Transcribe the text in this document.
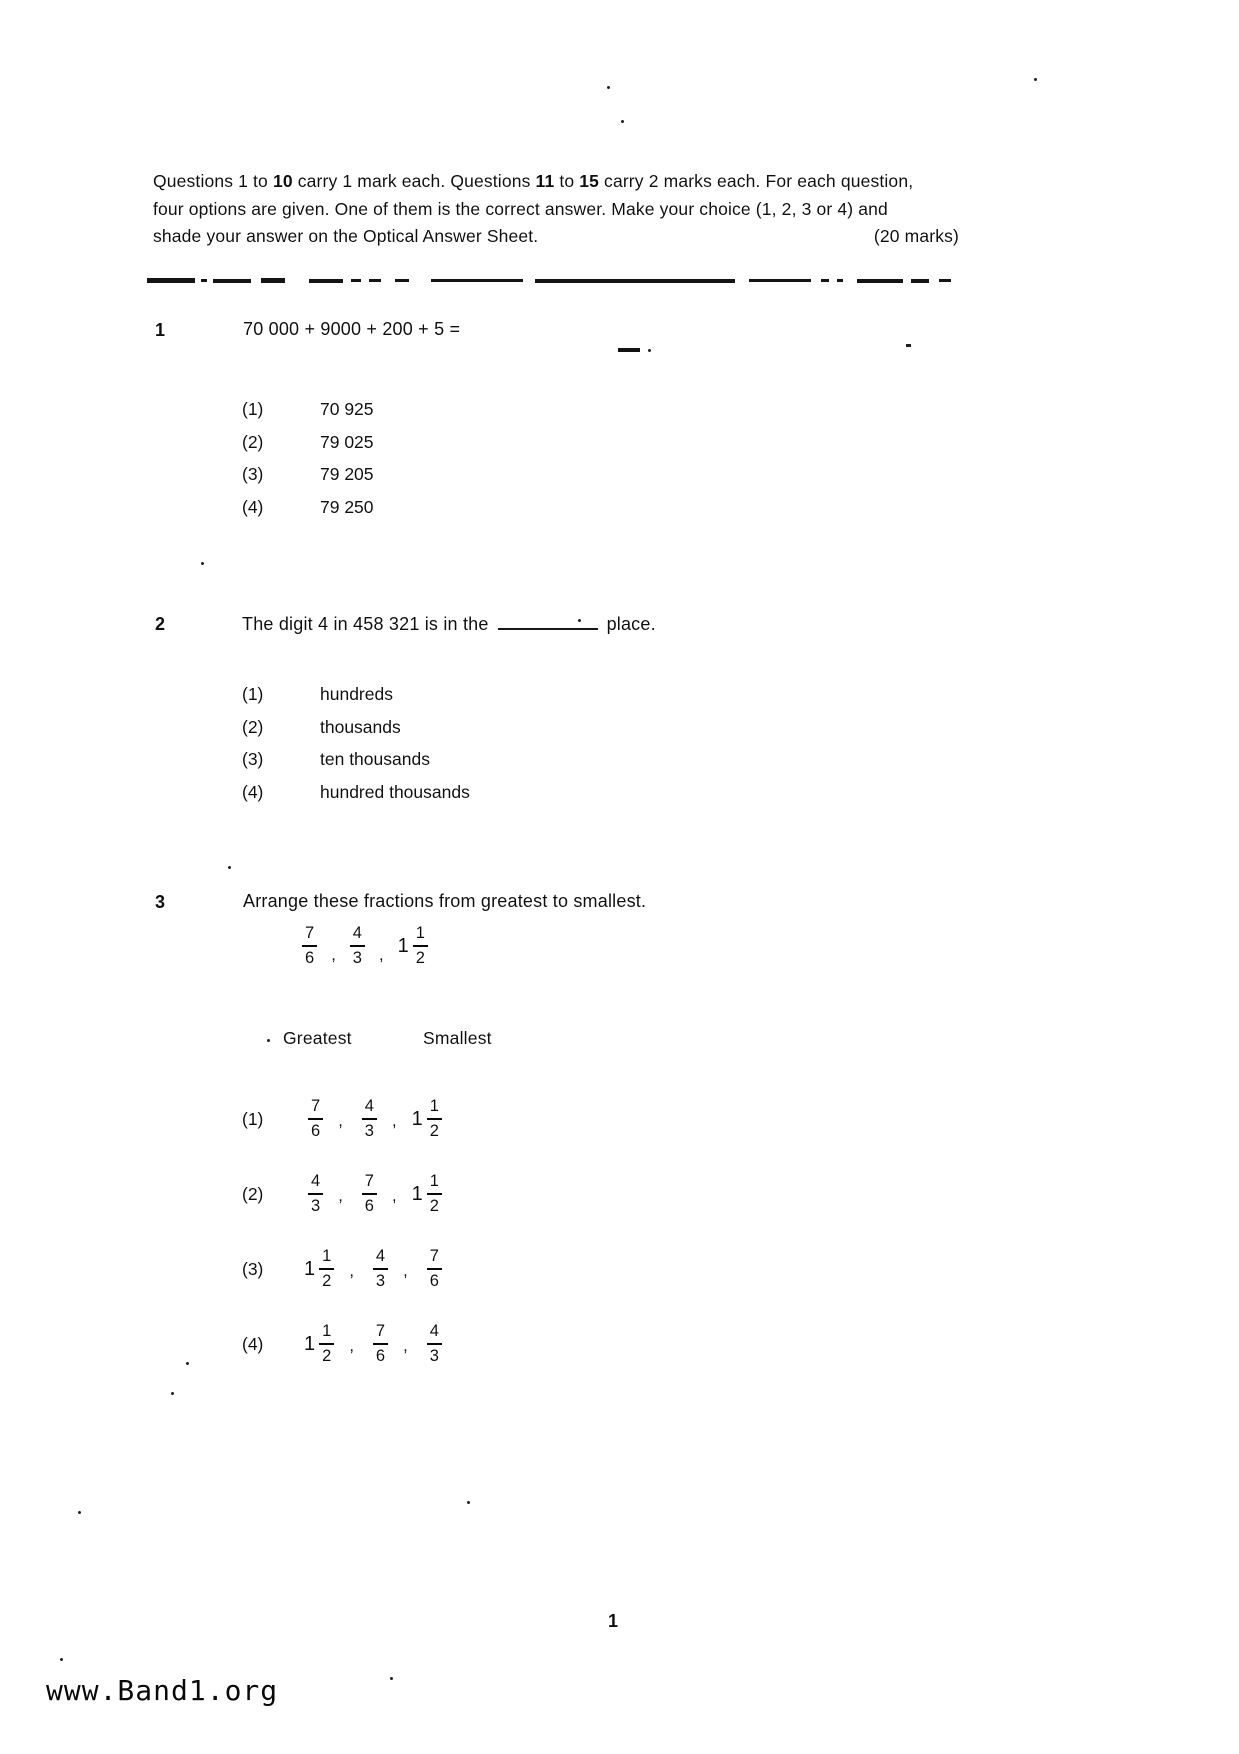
Questions 1 to 10 carry 1 mark each. Questions 11 to 15 carry 2 marks each. For each question,
four options are given. One of them is the correct answer. Make your choice (1, 2, 3 or 4) and
shade your answer on the Optical Answer Sheet.	(20 marks)
1	70 000 + 9000 + 200 + 5 =
(1)	70 925
(2)	79 025
(3)	79 205
(4)	79 250
2	The digit 4 in 458 321 is in the	place.
(1)	hundreds
(2)	thousands
(3)	ten thousands
(4)	hundred thousands
3	Arrange these fractions from greatest to smallest.
$\frac{7}{6}$ , $\frac{4}{3}$ , $1 \frac{1}{2}$
Greatest	Smallest
(1)	$\frac{7}{6}$ , $\frac{4}{3}$ , $1 \frac{1}{2}$
(2)	$\frac{4}{3}$ , $\frac{7}{6}$ , $1 \frac{1}{2}$
(3)	$1 \frac{1}{2}$ , $\frac{4}{3}$ , $\frac{7}{6}$
(4)	$1 \frac{1}{2}$ , $\frac{7}{6}$ , $\frac{4}{3}$
1
www.Band1.org
